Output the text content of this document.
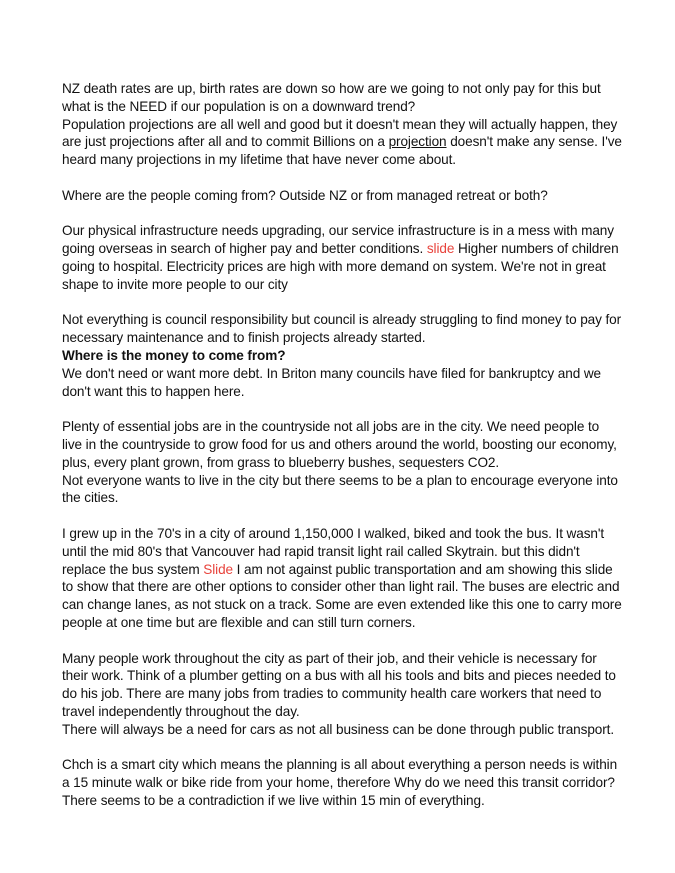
NZ death rates are up, birth rates are down so how are we going to not only pay for this but what is the NEED if our population is on a downward trend?
Population projections are all well and good but it doesn't mean they will actually happen, they are just projections after all and to commit Billions on a projection doesn't make any sense. I've heard many projections in my lifetime that have never come about.
Where are the people coming from? Outside NZ or from managed retreat or both?
Our physical infrastructure needs upgrading, our service infrastructure is in a mess with many going overseas in search of higher pay and better conditions. slide Higher numbers of children going to hospital. Electricity prices are high with more demand on system. We're not in great shape to invite more people to our city
Not everything is council responsibility but council is already struggling to find money to pay for necessary maintenance and to finish projects already started.
Where is the money to come from?
We don't need or want more debt. In Briton many councils have filed for bankruptcy and we don't want this to happen here.
Plenty of essential jobs are in the countryside not all jobs are in the city. We need people to live in the countryside to grow food for us and others around the world, boosting our economy, plus, every plant grown, from grass to blueberry bushes, sequesters CO2.
Not everyone wants to live in the city but there seems to be a plan to encourage everyone into the cities.
I grew up in the 70's in a city of around 1,150,000 I walked, biked and took the bus. It wasn't until the mid 80's that Vancouver had rapid transit light rail called Skytrain. but this didn't replace the bus system Slide I am not against public transportation and am showing this slide to show that there are other options to consider other than light rail. The buses are electric and can change lanes, as not stuck on a track. Some are even extended like this one to carry more people at one time but are flexible and can still turn corners.
Many people work throughout the city as part of their job, and their vehicle is necessary for their work. Think of a plumber getting on a bus with all his tools and bits and pieces needed to do his job. There are many jobs from tradies to community health care workers that need to travel independently throughout the day.
There will always be a need for cars as not all business can be done through public transport.
Chch is a smart city which means the planning is all about everything a person needs is within a 15 minute walk or bike ride from your home, therefore Why do we need this transit corridor? There seems to be a contradiction if we live within 15 min of everything.
